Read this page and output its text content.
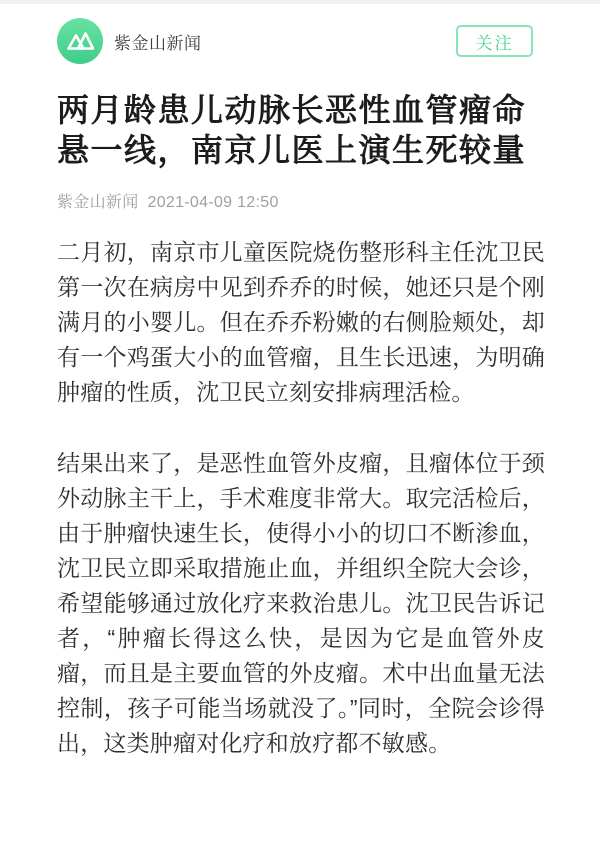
紫金山新闻	关注
两月龄患儿动脉长恶性血管瘤命悬一线，南京儿医上演生死较量
紫金山新闻 2021-04-09 12:50

二月初，南京市儿童医院烧伤整形科主任沈卫民第一次在病房中见到乔乔的时候，她还只是个刚满月的小婴儿。但在乔乔粉嫩的右侧脸颊处，却有一个鸡蛋大小的血管瘤，且生长迅速，为明确肿瘤的性质，沈卫民立刻安排病理活检。

结果出来了，是恶性血管外皮瘤，且瘤体位于颈外动脉主干上，手术难度非常大。取完活检后，由于肿瘤快速生长，使得小小的切口不断渗血，沈卫民立即采取措施止血，并组织全院大会诊，希望能够通过放化疗来救治患儿。沈卫民告诉记者，“肿瘤长得这么快，是因为它是血管外皮瘤，而且是主要血管的外皮瘤。术中出血量无法控制，孩子可能当场就没了。”同时，全院会诊得出，这类肿瘤对化疗和放疗都不敏感。
